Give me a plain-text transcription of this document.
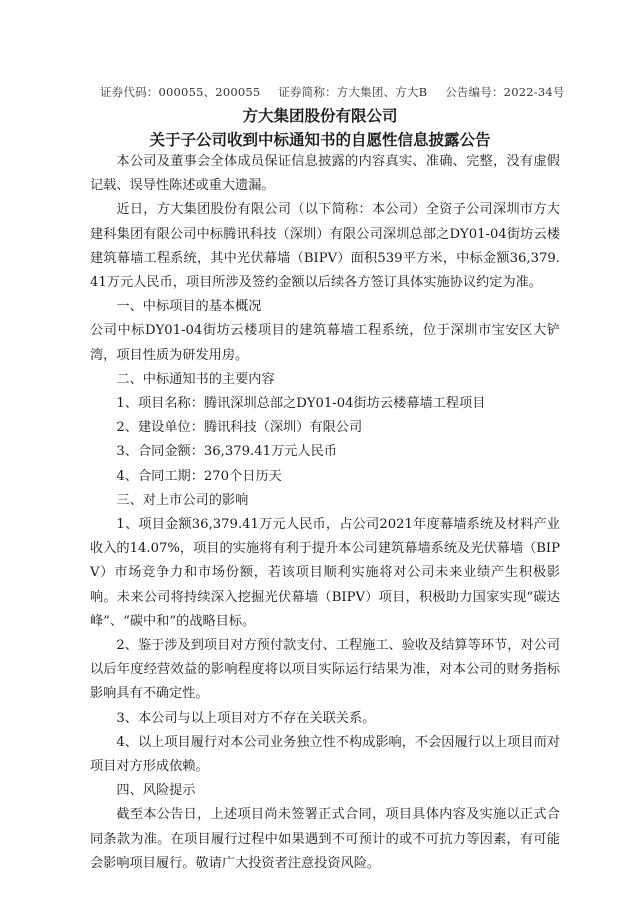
证券代码：000055、200055 证券简称：方大集团、方大B 公告编号：2022-34号
方大集团股份有限公司
关于子公司收到中标通知书的自愿性信息披露公告

本公司及董事会全体成员保证信息披露的内容真实、准确、完整，没有虚假记载、误导性陈述或重大遗漏。

近日，方大集团股份有限公司（以下简称：本公司）全资子公司深圳市方大建科集团有限公司中标腾讯科技（深圳）有限公司深圳总部之DY01-04街坊云楼建筑幕墙工程系统，其中光伏幕墙（BIPV）面积539平方米，中标金额36,379.41万元人民币，项目所涉及签约金额以后续各方签订具体实施协议约定为准。

一、中标项目的基本概况

公司中标DY01-04街坊云楼项目的建筑幕墙工程系统，位于深圳市宝安区大铲湾，项目性质为研发用房。

二、中标通知书的主要内容

1、项目名称：腾讯深圳总部之DY01-04街坊云楼幕墙工程项目

2、建设单位：腾讯科技（深圳）有限公司

3、合同金额：36,379.41万元人民币

4、合同工期：270个日历天

三、对上市公司的影响

1、项目金额36,379.41万元人民币，占公司2021年度幕墙系统及材料产业收入的14.07%，项目的实施将有利于提升本公司建筑幕墙系统及光伏幕墙（BIPV）市场竞争力和市场份额，若该项目顺利实施将对公司未来业绩产生积极影响。未来公司将持续深入挖掘光伏幕墙（BIPV）项目，积极助力国家实现“碳达峰”、“碳中和”的战略目标。

2、鉴于涉及到项目对方预付款支付、工程施工、验收及结算等环节，对公司以后年度经营效益的影响程度将以项目实际运行结果为准，对本公司的财务指标影响具有不确定性。

3、本公司与以上项目对方不存在关联关系。

4、以上项目履行对本公司业务独立性不构成影响，不会因履行以上项目而对项目对方形成依赖。

四、风险提示

截至本公告日，上述项目尚未签署正式合同，项目具体内容及实施以正式合同条款为准。在项目履行过程中如果遇到不可预计的或不可抗力等因素，有可能会影响项目履行。敬请广大投资者注意投资风险。
